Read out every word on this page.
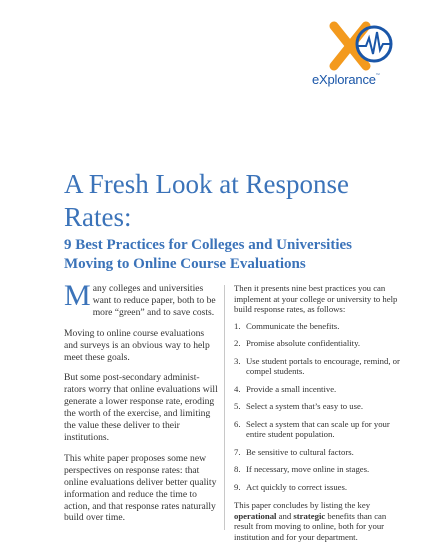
eXplorance™
A Fresh Look at Response Rates:
9 Best Practices for Colleges and Universities Moving to Online Course Evaluations

Many colleges and universities want to reduce paper, both to be more “green” and to save costs.

Moving to online course evaluations and surveys is an obvious way to help meet these goals.

But some post-secondary administ-rators worry that online evaluations will generate a lower response rate, eroding the worth of the exercise, and limiting the value these deliver to their institutions.

This white paper proposes some new perspectives on response rates: that online evaluations deliver better quality information and reduce the time to action, and that response rates naturally build over time.

Then it presents nine best practices you can implement at your college or university to help build response rates, as follows:

1. Communicate the benefits.
2. Promise absolute confidentiality.
3. Use student portals to encourage, remind, or compel students.
4. Provide a small incentive.
5. Select a system that’s easy to use.
6. Select a system that can scale up for your entire student population.
7. Be sensitive to cultural factors.
8. If necessary, move online in stages.
9. Act quickly to correct issues.

This paper concludes by listing the key operational and strategic benefits than can result from moving to online, both for your institution and for your department.
